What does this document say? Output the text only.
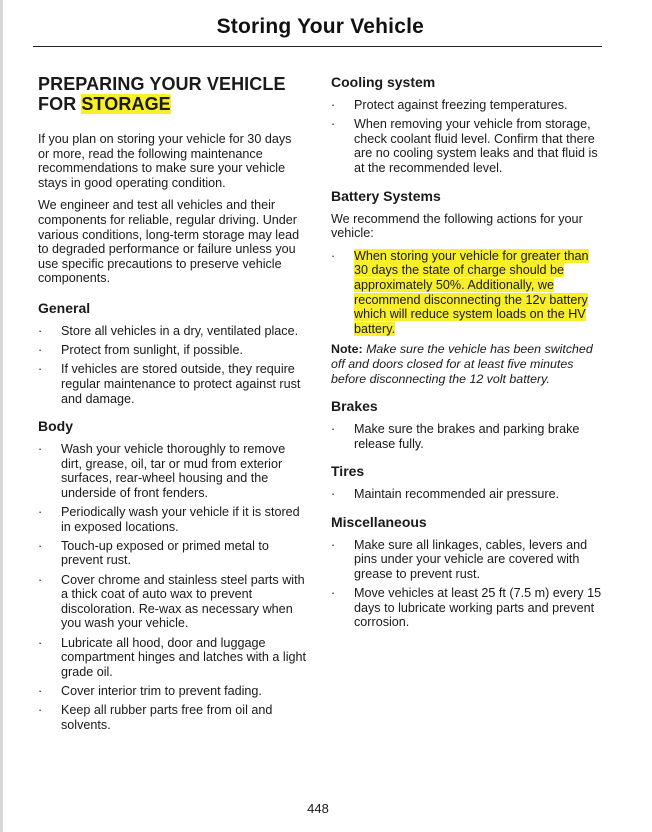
Storing Your Vehicle
PREPARING YOUR VEHICLE
FOR STORAGE

If you plan on storing your vehicle for 30 days or more, read the following maintenance recommendations to make sure your vehicle stays in good operating condition.

We engineer and test all vehicles and their components for reliable, regular driving. Under various conditions, long-term storage may lead to degraded performance or failure unless you use specific precautions to preserve vehicle components.

General
· Store all vehicles in a dry, ventilated place.
· Protect from sunlight, if possible.
· If vehicles are stored outside, they require regular maintenance to protect against rust and damage.
Body
· Wash your vehicle thoroughly to remove dirt, grease, oil, tar or mud from exterior surfaces, rear-wheel housing and the underside of front fenders.
· Periodically wash your vehicle if it is stored in exposed locations.
· Touch-up exposed or primed metal to prevent rust.
· Cover chrome and stainless steel parts with a thick coat of auto wax to prevent discoloration. Re-wax as necessary when you wash your vehicle.
· Lubricate all hood, door and luggage compartment hinges and latches with a light grade oil.
· Cover interior trim to prevent fading.
· Keep all rubber parts free from oil and solvents.
Cooling system
· Protect against freezing temperatures.
· When removing your vehicle from storage, check coolant fluid level. Confirm that there are no cooling system leaks and that fluid is at the recommended level.
Battery Systems

We recommend the following actions for your vehicle:

· When storing your vehicle for greater than 30 days the state of charge should be approximately 50%. Additionally, we recommend disconnecting the 12v battery which will reduce system loads on the HV battery.

Note: Make sure the vehicle has been switched off and doors closed for at least five minutes before disconnecting the 12 volt battery.

Brakes
· Make sure the brakes and parking brake release fully.
Tires
· Maintain recommended air pressure.
Miscellaneous
· Make sure all linkages, cables, levers and pins under your vehicle are covered with grease to prevent rust.
· Move vehicles at least 25 ft (7.5 m) every 15 days to lubricate working parts and prevent corrosion.
448
